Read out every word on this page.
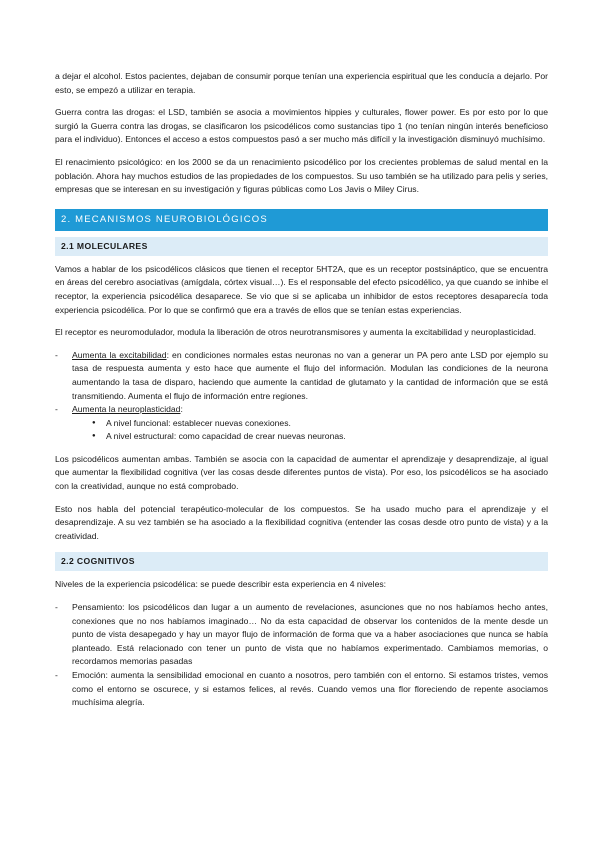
a dejar el alcohol. Estos pacientes, dejaban de consumir porque tenían una experiencia espiritual que les conducía a dejarlo. Por esto, se empezó a utilizar en terapia.

Guerra contra las drogas: el LSD, también se asocia a movimientos hippies y culturales, flower power. Es por esto por lo que surgió la Guerra contra las drogas, se clasificaron los psicodélicos como sustancias tipo 1 (no tenían ningún interés beneficioso para el individuo). Entonces el acceso a estos compuestos pasó a ser mucho más difícil y la investigación disminuyó muchísimo.

El renacimiento psicológico: en los 2000 se da un renacimiento psicodélico por los crecientes problemas de salud mental en la población. Ahora hay muchos estudios de las propiedades de los compuestos. Su uso también se ha utilizado para pelis y series, empresas que se interesan en su investigación y figuras públicas como Los Javis o Miley Cirus.

2. MECANISMOS NEUROBIOLÓGICOS
2.1 MOLECULARES

Vamos a hablar de los psicodélicos clásicos que tienen el receptor 5HT2A, que es un receptor postsináptico, que se encuentra en áreas del cerebro asociativas (amígdala, córtex visual…). Es el responsable del efecto psicodélico, ya que cuando se inhibe el receptor, la experiencia psicodélica desaparece. Se vio que si se aplicaba un inhibidor de estos receptores desaparecía toda experiencia psicodélica. Por lo que se confirmó que era a través de ellos que se tenían estas experiencias.

El receptor es neuromodulador, modula la liberación de otros neurotransmisores y aumenta la excitabilidad y neuroplasticidad.

- Aumenta la excitabilidad: en condiciones normales estas neuronas no van a generar un PA pero ante LSD por ejemplo su tasa de respuesta aumenta y esto hace que aumente el flujo del información. Modulan las condiciones de la neurona aumentando la tasa de disparo, haciendo que aumente la cantidad de glutamato y la cantidad de información que se está transmitiendo. Aumenta el flujo de información entre regiones.
- Aumenta la neuroplasticidad:
● A nivel funcional: establecer nuevas conexiones.
● A nivel estructural: como capacidad de crear nuevas neuronas.

Los psicodélicos aumentan ambas. También se asocia con la capacidad de aumentar el aprendizaje y desaprendizaje, al igual que aumentar la flexibilidad cognitiva (ver las cosas desde diferentes puntos de vista). Por eso, los psicodélicos se ha asociado con la creatividad, aunque no está comprobado.

Esto nos habla del potencial terapéutico-molecular de los compuestos. Se ha usado mucho para el aprendizaje y el desaprendizaje. A su vez también se ha asociado a la flexibilidad cognitiva (entender las cosas desde otro punto de vista) y a la creatividad.

2.2 COGNITIVOS

Niveles de la experiencia psicodélica: se puede describir esta experiencia en 4 niveles:

- Pensamiento: los psicodélicos dan lugar a un aumento de revelaciones, asunciones que no nos habíamos hecho antes, conexiones que no nos habíamos imaginado… No da esta capacidad de observar los contenidos de la mente desde un punto de vista desapegado y hay un mayor flujo de información de forma que va a haber asociaciones que nunca se había planteado. Está relacionado con tener un punto de vista que no habíamos experimentado. Cambiamos memorias, o recordamos memorias pasadas
- Emoción: aumenta la sensibilidad emocional en cuanto a nosotros, pero también con el entorno. Si estamos tristes, vemos como el entorno se oscurece, y si estamos felices, al revés. Cuando vemos una flor floreciendo de repente asociamos muchísima alegría.
